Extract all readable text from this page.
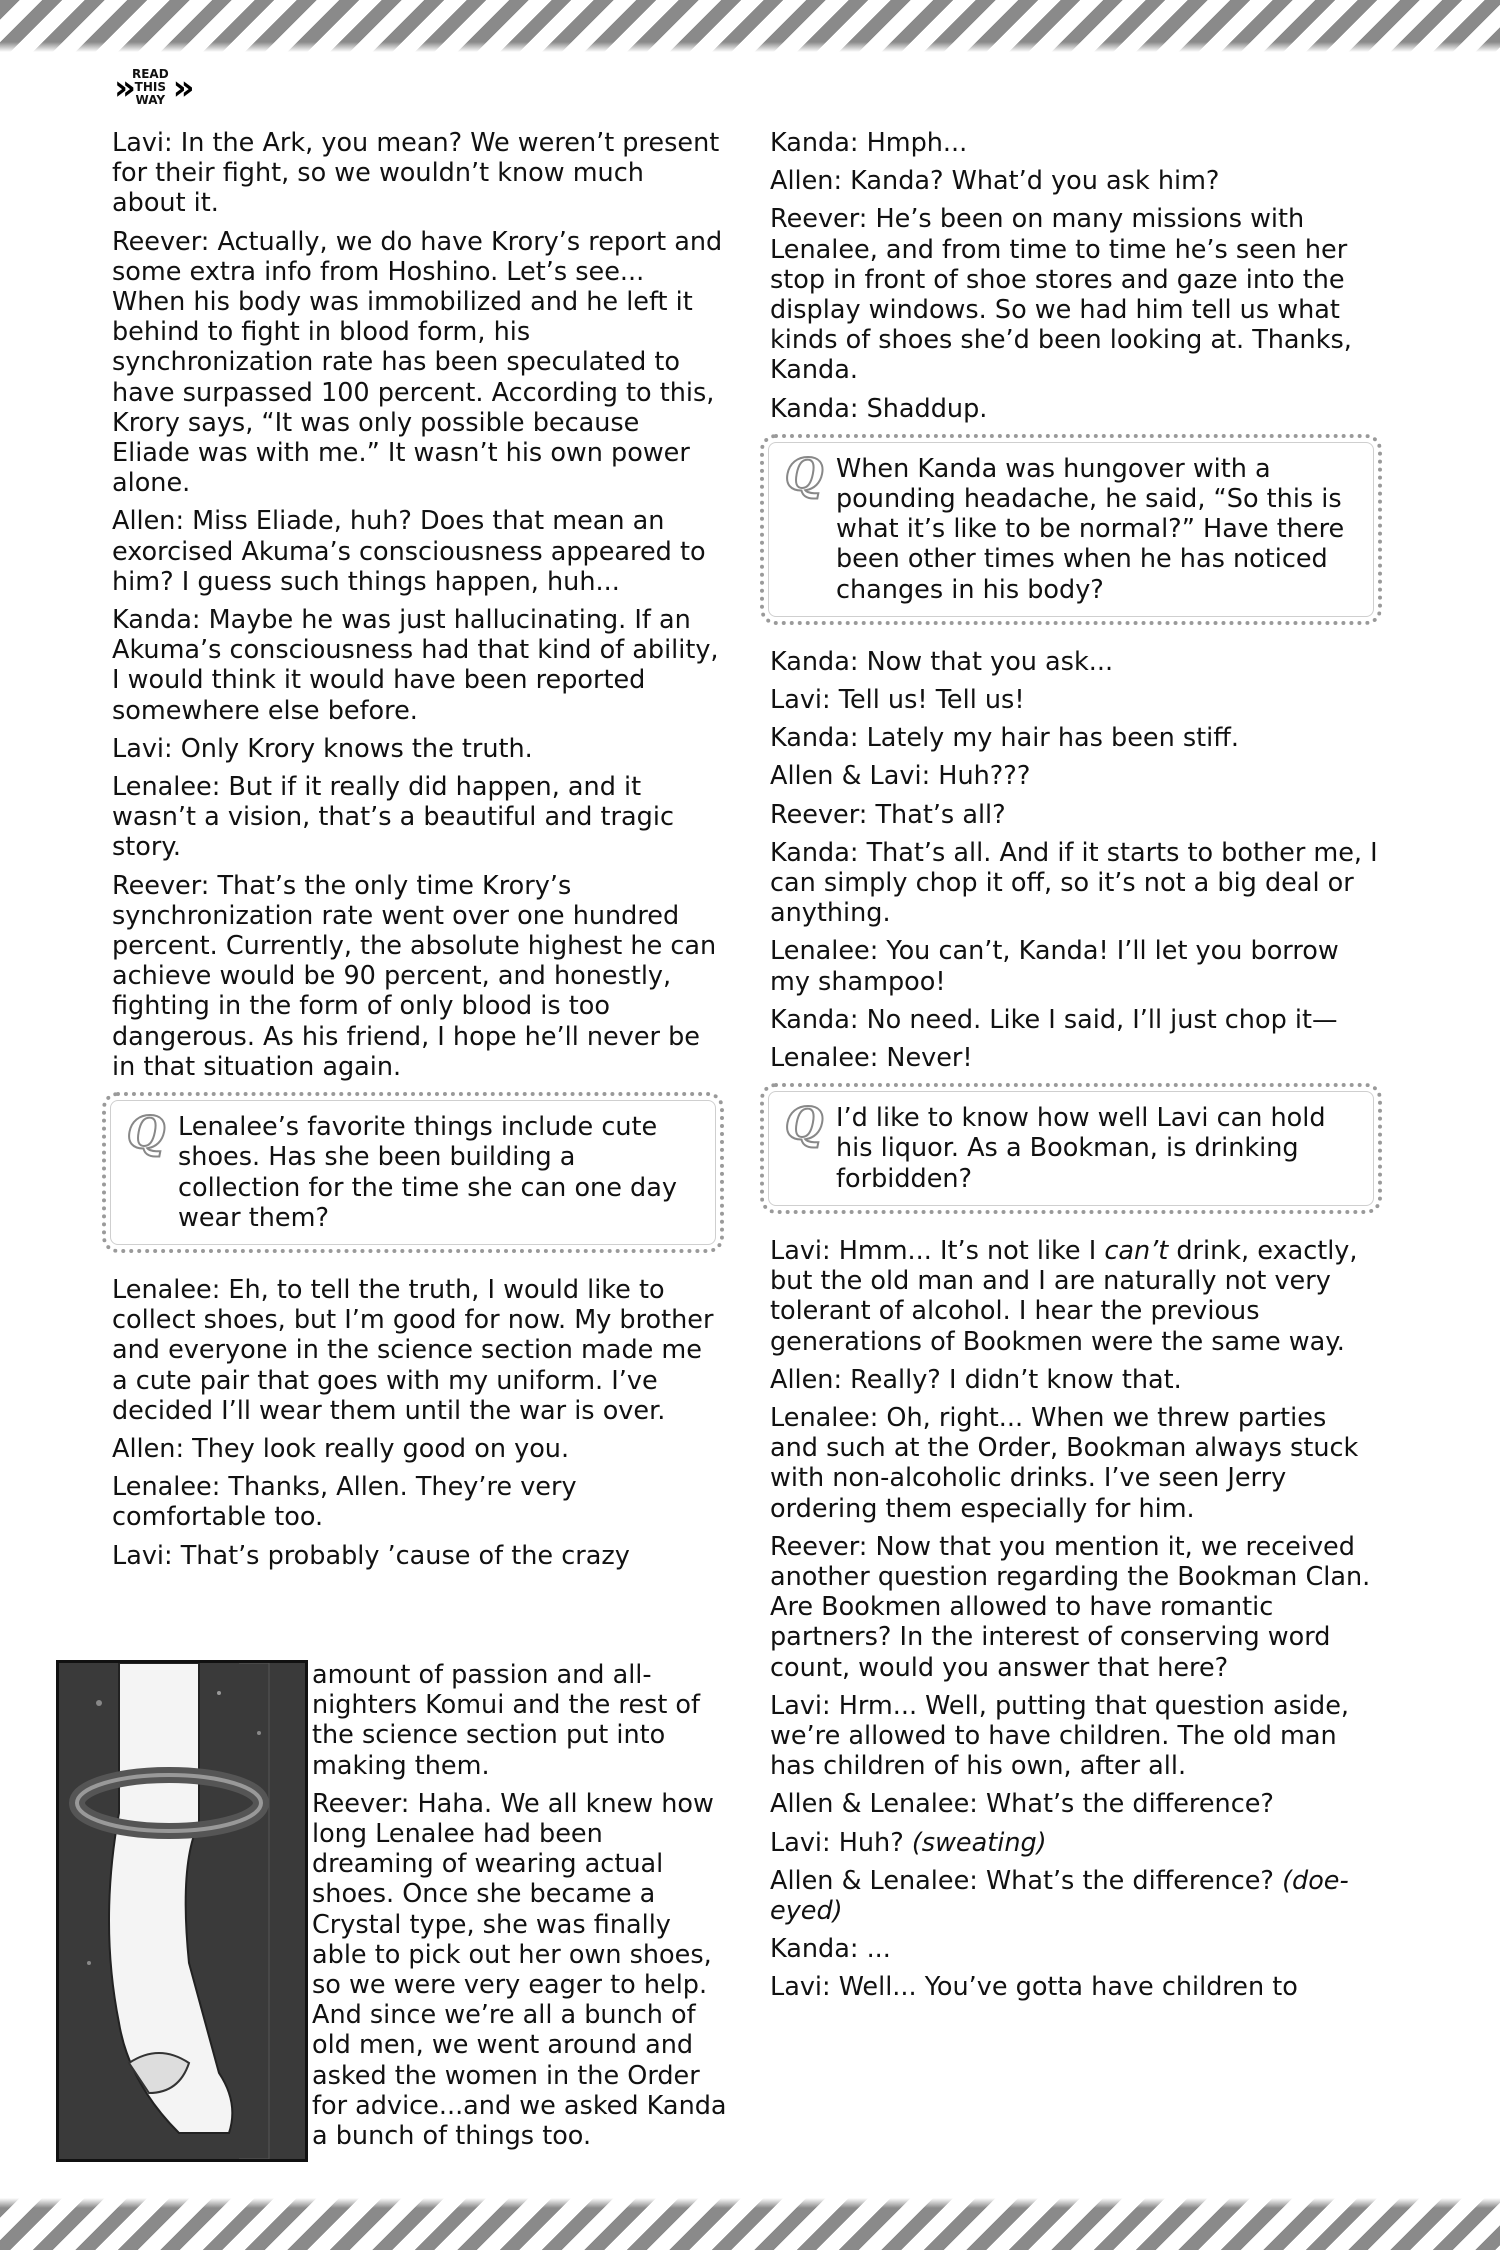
» READ
THIS
WAY »

Lavi: In the Ark, you mean? We weren’t present for their fight, so we wouldn’t know much about it.

Reever: Actually, we do have Krory’s report and some extra info from Hoshino. Let’s see... When his body was immobilized and he left it behind to fight in blood form, his synchronization rate has been speculated to have surpassed 100 percent. According to this, Krory says, “It was only possible because Eliade was with me.” It wasn’t his own power alone.

Allen: Miss Eliade, huh? Does that mean an exorcised Akuma’s consciousness appeared to him? I guess such things happen, huh...

Kanda: Maybe he was just hallucinating. If an Akuma’s consciousness had that kind of ability, I would think it would have been reported somewhere else before.

Lavi: Only Krory knows the truth.

Lenalee: But if it really did happen, and it wasn’t a vision, that’s a beautiful and tragic story.

Reever: That’s the only time Krory’s synchronization rate went over one hundred percent. Currently, the absolute highest he can achieve would be 90 percent, and honestly, fighting in the form of only blood is too dangerous. As his friend, I hope he’ll never be in that situation again.

Q Lenalee’s favorite things include cute shoes. Has she been building a collection for the time she can one day wear them?

Lenalee: Eh, to tell the truth, I would like to collect shoes, but I’m good for now. My brother and everyone in the science section made me a cute pair that goes with my uniform. I’ve decided I’ll wear them until the war is over.

Allen: They look really good on you.

Lenalee: Thanks, Allen. They’re very comfortable too.

Lavi: That’s probably ’cause of the crazy

amount of passion and all-nighters Komui and the rest of the science section put into making them.

Reever: Haha. We all knew how long Lenalee had been dreaming of wearing actual shoes. Once she became a Crystal type, she was finally able to pick out her own shoes, so we were very eager to help. And since we’re all a bunch of old men, we went around and asked the women in the Order for advice...and we asked Kanda a bunch of things too.

Kanda: Hmph...

Allen: Kanda? What’d you ask him?

Reever: He’s been on many missions with Lenalee, and from time to time he’s seen her stop in front of shoe stores and gaze into the display windows. So we had him tell us what kinds of shoes she’d been looking at. Thanks, Kanda.

Kanda: Shaddup.

Q When Kanda was hungover with a pounding headache, he said, “So this is what it’s like to be normal?” Have there been other times when he has noticed changes in his body?

Kanda: Now that you ask...

Lavi: Tell us! Tell us!

Kanda: Lately my hair has been stiff.

Allen & Lavi: Huh???

Reever: That’s all?

Kanda: That’s all. And if it starts to bother me, I can simply chop it off, so it’s not a big deal or anything.

Lenalee: You can’t, Kanda! I’ll let you borrow my shampoo!

Kanda: No need. Like I said, I’ll just chop it—

Lenalee: Never!

Q I’d like to know how well Lavi can hold his liquor. As a Bookman, is drinking forbidden?

Lavi: Hmm... It’s not like I can’t drink, exactly, but the old man and I are naturally not very tolerant of alcohol. I hear the previous generations of Bookmen were the same way.

Allen: Really? I didn’t know that.

Lenalee: Oh, right... When we threw parties and such at the Order, Bookman always stuck with non-alcoholic drinks. I’ve seen Jerry ordering them especially for him.

Reever: Now that you mention it, we received another question regarding the Bookman Clan. Are Bookmen allowed to have romantic partners? In the interest of conserving word count, would you answer that here?

Lavi: Hrm... Well, putting that question aside, we’re allowed to have children. The old man has children of his own, after all.

Allen & Lenalee: What’s the difference?

Lavi: Huh? (sweating)

Allen & Lenalee: What’s the difference? (doe-eyed)

Kanda: ...

Lavi: Well... You’ve gotta have children to
